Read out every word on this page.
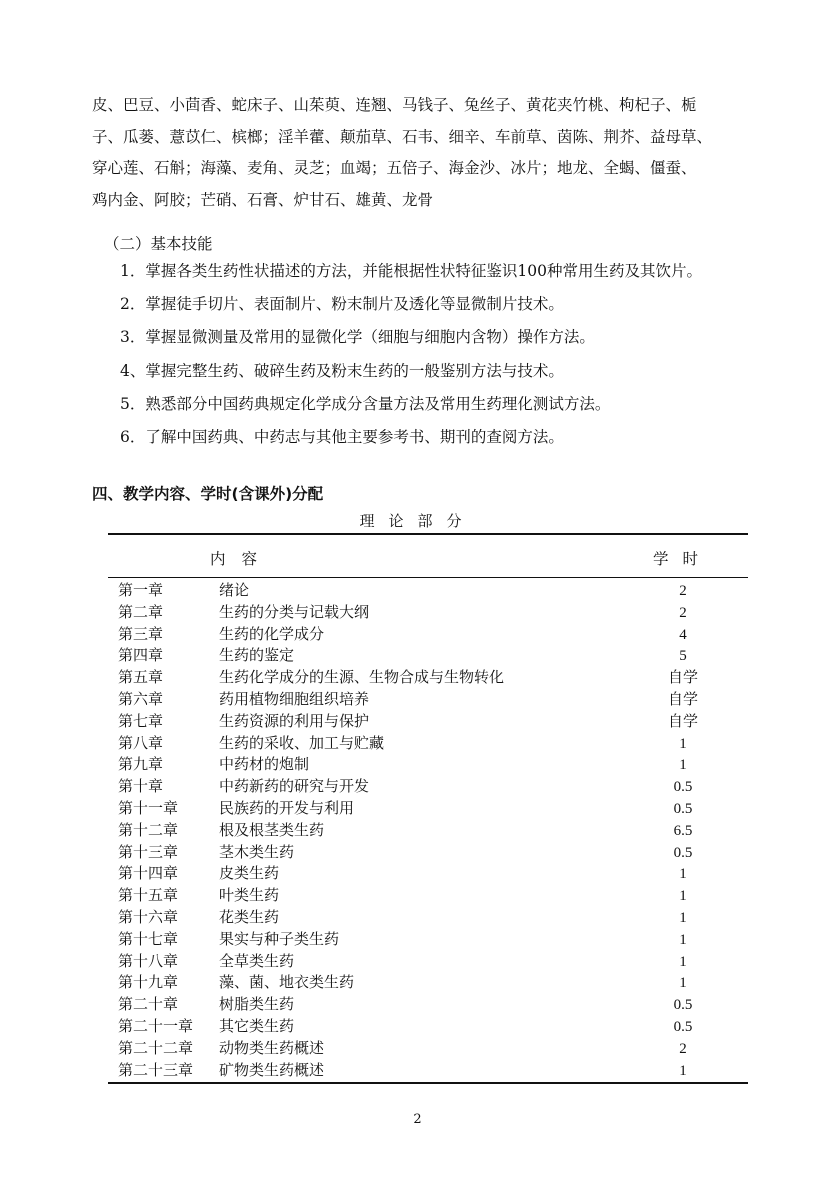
皮、巴豆、小茴香、蛇床子、山茱萸、连翘、马钱子、兔丝子、黄花夹竹桃、枸杞子、栀
子、瓜蒌、薏苡仁、槟榔；淫羊藿、颠茄草、石韦、细辛、车前草、茵陈、荆芥、益母草、
穿心莲、石斛；海藻、麦角、灵芝；血竭；五倍子、海金沙、冰片；地龙、全蝎、僵蚕、
鸡内金、阿胶；芒硝、石膏、炉甘石、雄黄、龙骨
（二）基本技能
1．掌握各类生药性状描述的方法，并能根据性状特征鉴识100种常用生药及其饮片。
2．掌握徒手切片、表面制片、粉末制片及透化等显微制片技术。
3．掌握显微测量及常用的显微化学（细胞与细胞内含物）操作方法。
4、掌握完整生药、破碎生药及粉末生药的一般鉴别方法与技术。
5．熟悉部分中国药典规定化学成分含量方法及常用生药理化测试方法。
6．了解中国药典、中药志与其他主要参考书、期刊的查阅方法。
四、教学内容、学时(含课外)分配
理论部分
内容	学时
第一章	绪论	2
第二章	生药的分类与记载大纲	2
第三章	生药的化学成分	4
第四章	生药的鉴定	5
第五章	生药化学成分的生源、生物合成与生物转化	自学
第六章	药用植物细胞组织培养	自学
第七章	生药资源的利用与保护	自学
第八章	生药的采收、加工与贮藏	1
第九章	中药材的炮制	1
第十章	中药新药的研究与开发	0.5
第十一章	民族药的开发与利用	0.5
第十二章	根及根茎类生药	6.5
第十三章	茎木类生药	0.5
第十四章	皮类生药	1
第十五章	叶类生药	1
第十六章	花类生药	1
第十七章	果实与种子类生药	1
第十八章	全草类生药	1
第十九章	藻、菌、地衣类生药	1
第二十章	树脂类生药	0.5
第二十一章 其它类生药	0.5
第二十二章 动物类生药概述	2
第二十三章 矿物类生药概述	1
2
